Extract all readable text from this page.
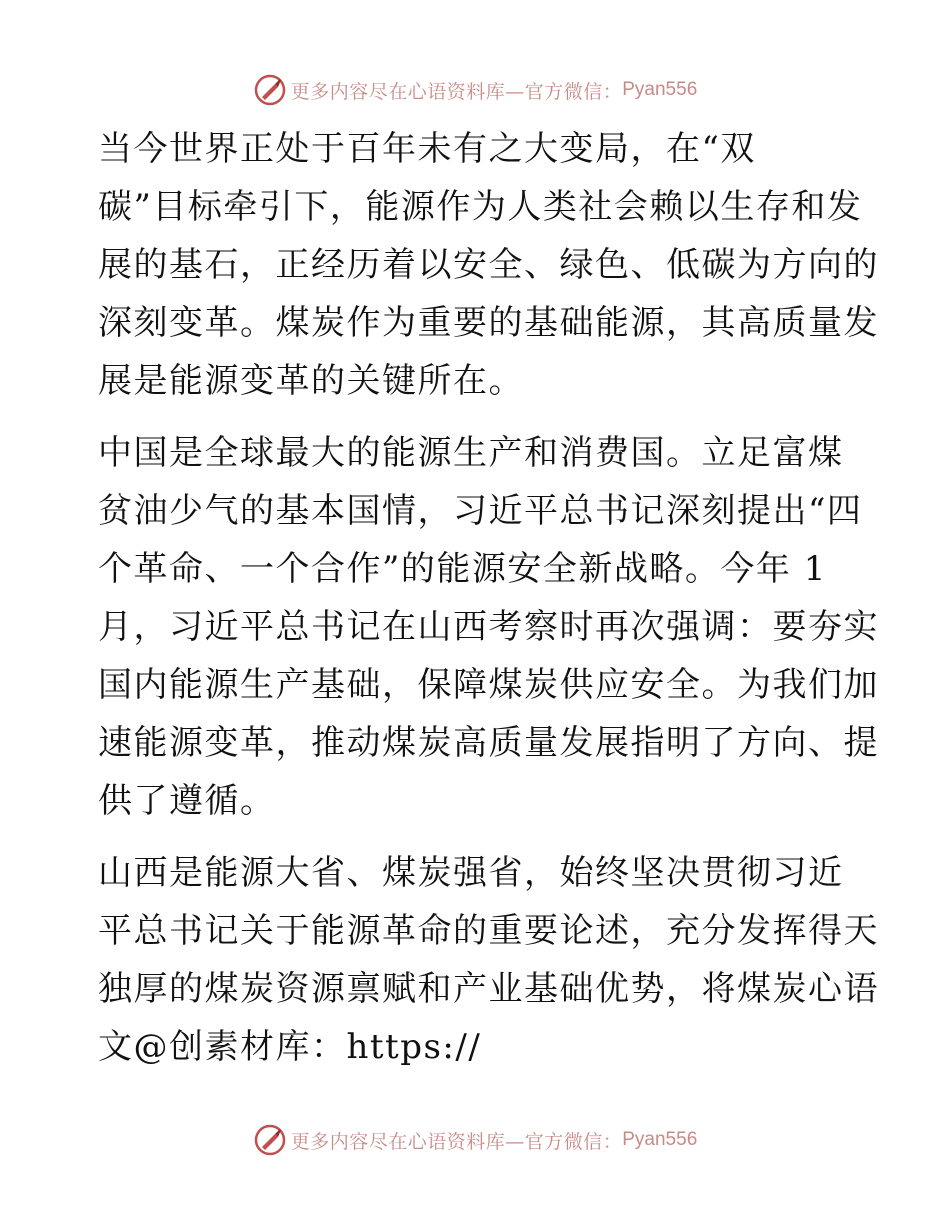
更多内容尽在心语资料库—官方微信： Pyan556
当今世界正处于百年未有之大变局，在“双
碳”目标牵引下，能源作为人类社会赖以生存和发
展的基石，正经历着以安全、绿色、低碳为方向的
深刻变革。煤炭作为重要的基础能源，其高质量发
展是能源变革的关键所在。
中国是全球最大的能源生产和消费国。立足富煤
贫油少气的基本国情，习近平总书记深刻提出“四
个革命、一个合作”的能源安全新战略。今年 1
月，习近平总书记在山西考察时再次强调：要夯实
国内能源生产基础，保障煤炭供应安全。为我们加
速能源变革，推动煤炭高质量发展指明了方向、提
供了遵循。
山西是能源大省、煤炭强省，始终坚决贯彻习近
平总书记关于能源革命的重要论述，充分发挥得天
独厚的煤炭资源禀赋和产业基础优势，将煤炭心语
文@创素材库：https://
更多内容尽在心语资料库—官方微信： Pyan556
